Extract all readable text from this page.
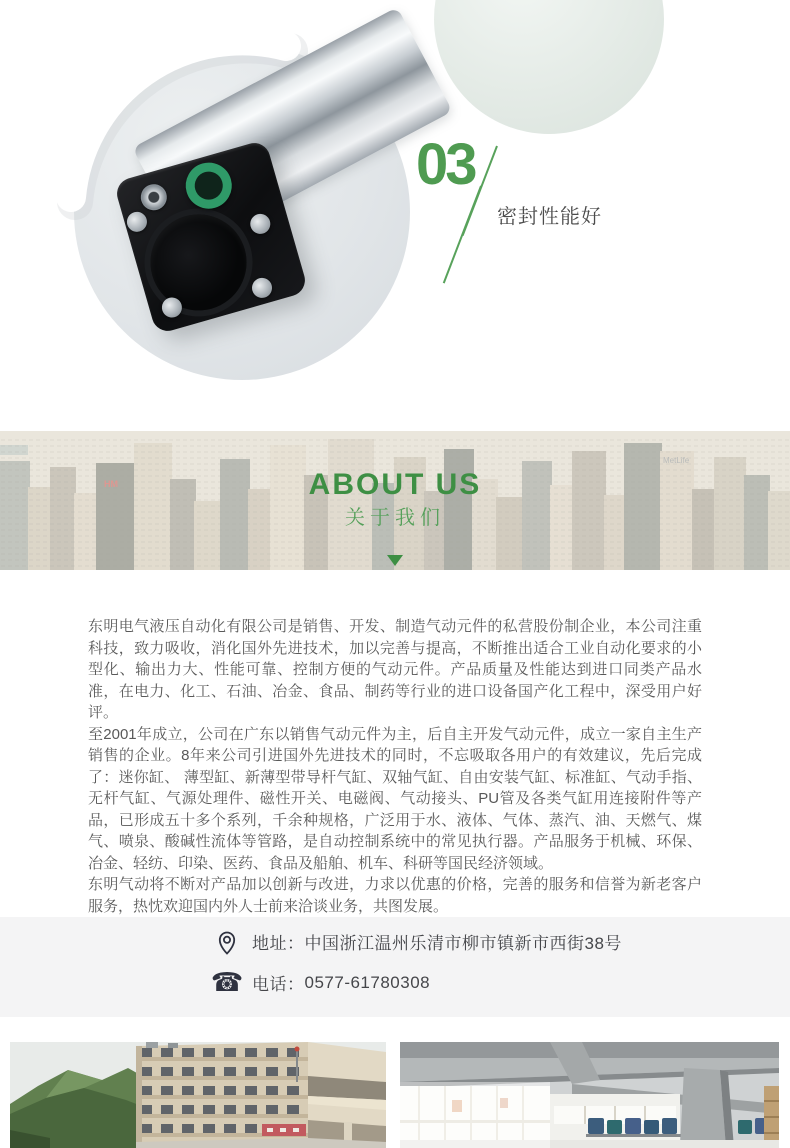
03
密封性能好
HM
MetLife
ABOUT US
关于我们

东明电气液压自动化有限公司是销售、开发、制造气动元件的私营股份制企业，本公司注重科技，致力吸收，消化国外先进技术，加以完善与提高，不断推出适合工业自动化要求的小型化、输出力大、性能可靠、控制方便的气动元件。产品质量及性能达到进口同类产品水准，在电力、化工、石油、冶金、食品、制药等行业的进口设备国产化工程中，深受用户好评。

至2001年成立，公司在广东以销售气动元件为主，后自主开发气动元件，成立一家自主生产销售的企业。8年来公司引进国外先进技术的同时，不忘吸取各用户的有效建议，先后完成了：迷你缸、 薄型缸、新薄型带导杆气缸、双轴气缸、自由安装气缸、标准缸、气动手指、无杆气缸、气源处理件、磁性开关、电磁阀、气动接头、PU管及各类气缸用连接附件等产品，已形成五十多个系列，千余种规格，广泛用于水、液体、气体、蒸汽、油、天燃气、煤气、喷泉、酸碱性流体等管路，是自动控制系统中的常见执行器。产品服务于机械、环保、冶金、轻纺、印染、医药、食品及船舶、机车、科研等国民经济领域。

东明气动将不断对产品加以创新与改进，力求以优惠的价格，完善的服务和信誉为新老客户服务，热忱欢迎国内外人士前来洽谈业务，共图发展。

地址： 中国浙江温州乐清市柳市镇新市西街38号
☎ 电话： 0577-61780308
